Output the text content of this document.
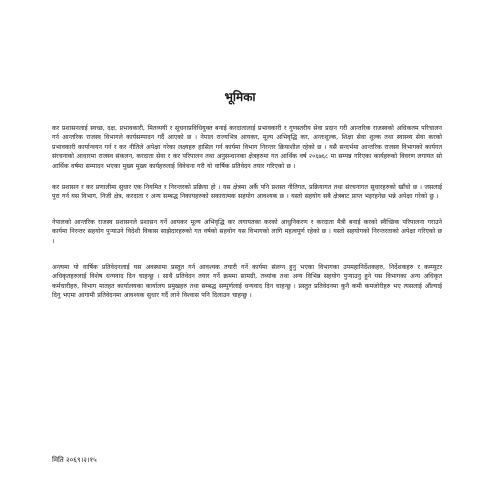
भूमिका

कर प्रशासनलाई स्वच्छ, दक्ष, प्रभावकारी, मितव्ययी र सूचनाप्रविधियुक्त बनाई करदातालाई प्रभावकारी र गुणस्तरीय सेवा प्रदान गरी आन्तरिक राजस्वको अधिकतम परिचालन गर्न आन्तरिक राजस्व विभागले कार्यसम्पादन गर्दै आएको छ । नेपाल राज्यभित्र आयकर, मूल्य अभिवृद्धि कर, अन्तःशुल्क, शिक्षा सेवा शुल्क तथा स्वास्थ्य सेवा करको प्रभावकारी कार्यान्वयन गर्न र कर नीतिले अपेक्षा गरेका लक्ष्यहरु हासिल गर्न कार्यमा विभाग निरन्तर क्रियाशील रहेको छ । यसै सन्दर्भमा आन्तरिक राजस्व विभागको कार्यगत संरचनाको आधारमा राजस्व संकलन, करदाता सेवा र कर परिपालन तथा अनुसन्धानका क्षेत्रहरुमा गत आर्थिक वर्ष २०६७६८ मा सम्पन्न गरिएका कार्यहरुको विवरण लगायत सो आर्थिक वर्षमा सम्पादन भएका मुख्य मुख्य कार्यहरुलाई विवेचना गरी यो वार्षिक प्रतिवेदन तयार गरिएको छ ।

कर प्रशासन र कर प्रणालीमा सुधार एक नियमित र निरन्तरको प्रक्रिया हो । यस क्षेत्रमा अर्कै पनि प्रशस्त नीतिगत, प्रक्रियागत तथा संरचनागत सुधारहरुको खाँचो छ । जसलाई पुरा गर्न यस विभाग, निजी क्षेत्र, करदाता र अन्य सम्बद्ध निकायहरुको सकारात्मक सहयोग आवश्यक छ । यस्तो सहयोग सबै क्षेत्रबाट प्राप्त भइरहनेछ भन्ने अपेक्षा गरेको छु ।

नेपालको आन्तरिक राजस्व प्रशासनले प्रशासन गर्ने आयकर मूल्य अभिवृद्धि कर लगायतका करको आधुनिकरण र करदाता मैत्री बनाई करको स्वैच्छिक परिपालना गराउने कार्यमा निरन्तर सहयोग पुऱ्याउने विदेशी विकास साझेदारहरुको गत वर्षको सहयोग यस विभागको लागि महत्वपूर्ण रहेको छ । यस्तो सहयोगको निरन्तरताको अपेक्षा गरिएको छ ।

अन्त्यमा यो वार्षिक प्रतिवेदनलाई यस अवस्थामा प्रस्तुत गर्न आवश्यक तयारी गर्ने कार्यमा संलग्न हुनु भएका विभागका उपमहानिर्देशकहरु, निर्देशकहरु र कम्प्युटर अधिकृतहरुलाई विशेष धन्यवाद दिन चाहन्छु । साथै प्रतिवेदन तयार गर्ने क्रममा सामग्री, तथ्यांक तथा अन्य विभिन्न सहयोग पुऱ्याउनु हुने यस विभागका अन्य अधिकृत कर्मचारीहरु, विभाग मातहत कार्यालयका कार्यालय प्रमुखहरु तथा सम्बद्ध सम्पुर्णलाई धन्यवाद दिन चाहन्छु । प्रस्तुत प्रतिवेदनमा कुनै कमी कमजोरीहरु भए त्यसलाई औंल्याई दिनु भएमा आगामी प्रतिवेदनमा आवश्यक सुधार गर्दै लाने विश्वास पनि दिलाउन चाहन्छु ।

मिति २०६९।२।१५
